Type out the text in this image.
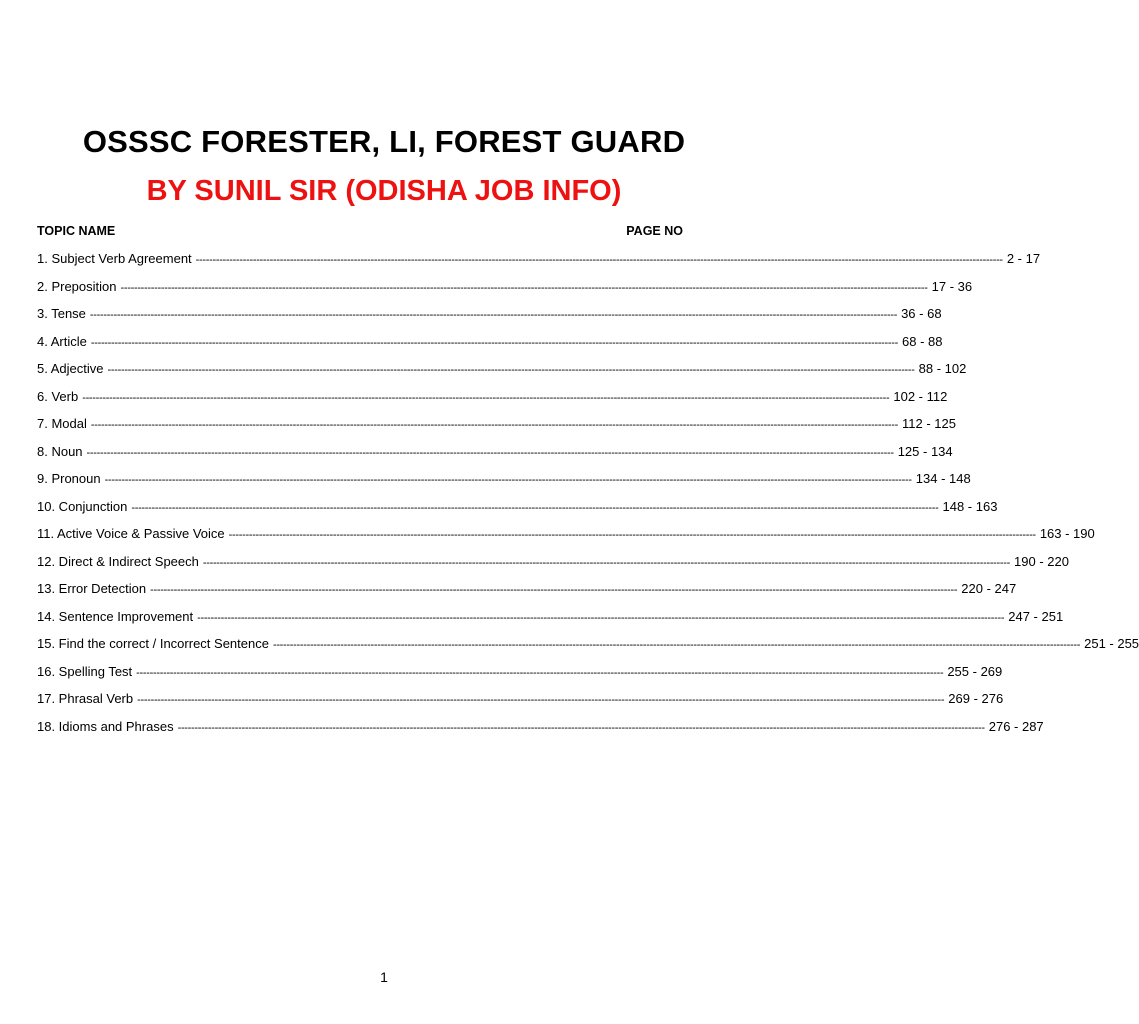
OSSSC FORESTER, LI, FOREST GUARD
BY SUNIL SIR (ODISHA JOB INFO)
TOPIC NAME	PAGE NO
1. Subject Verb Agreement ------------------------------------------------------------------------------------------------------------------------------------------------------------------------------------------------------------------------------------------------ 2 - 17
2. Preposition ------------------------------------------------------------------------------------------------------------------------------------------------------------------------------------------------------------------------------------------------ 17 - 36
3. Tense ------------------------------------------------------------------------------------------------------------------------------------------------------------------------------------------------------------------------------------------------ 36 - 68
4. Article ------------------------------------------------------------------------------------------------------------------------------------------------------------------------------------------------------------------------------------------------ 68 - 88
5. Adjective ------------------------------------------------------------------------------------------------------------------------------------------------------------------------------------------------------------------------------------------------ 88 - 102
6. Verb ------------------------------------------------------------------------------------------------------------------------------------------------------------------------------------------------------------------------------------------------ 102 - 112
7. Modal ------------------------------------------------------------------------------------------------------------------------------------------------------------------------------------------------------------------------------------------------ 112 - 125
8. Noun ------------------------------------------------------------------------------------------------------------------------------------------------------------------------------------------------------------------------------------------------ 125 - 134
9. Pronoun ------------------------------------------------------------------------------------------------------------------------------------------------------------------------------------------------------------------------------------------------ 134 - 148
10. Conjunction ------------------------------------------------------------------------------------------------------------------------------------------------------------------------------------------------------------------------------------------------ 148 - 163
11. Active Voice & Passive Voice ------------------------------------------------------------------------------------------------------------------------------------------------------------------------------------------------------------------------------------------------ 163 - 190
12. Direct & Indirect Speech ------------------------------------------------------------------------------------------------------------------------------------------------------------------------------------------------------------------------------------------------ 190 - 220
13. Error Detection ------------------------------------------------------------------------------------------------------------------------------------------------------------------------------------------------------------------------------------------------ 220 - 247
14. Sentence Improvement ------------------------------------------------------------------------------------------------------------------------------------------------------------------------------------------------------------------------------------------------ 247 - 251
15. Find the correct / Incorrect Sentence ------------------------------------------------------------------------------------------------------------------------------------------------------------------------------------------------------------------------------------------------ 251 - 255
16. Spelling Test ------------------------------------------------------------------------------------------------------------------------------------------------------------------------------------------------------------------------------------------------ 255 - 269
17. Phrasal Verb ------------------------------------------------------------------------------------------------------------------------------------------------------------------------------------------------------------------------------------------------ 269 - 276
18. Idioms and Phrases ------------------------------------------------------------------------------------------------------------------------------------------------------------------------------------------------------------------------------------------------ 276 - 287
1
